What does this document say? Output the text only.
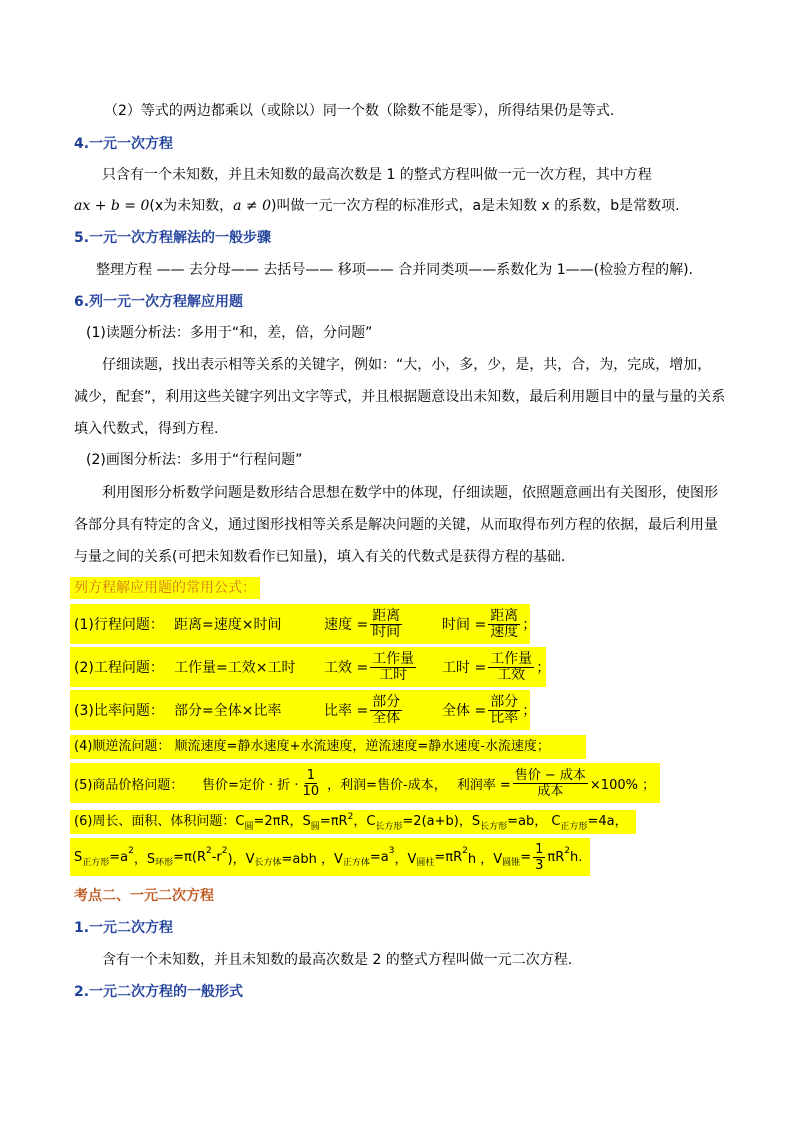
（2）等式的两边都乘以（或除以）同一个数（除数不能是零），所得结果仍是等式.
4.一元一次方程
只含有一个未知数，并且未知数的最高次数是 1 的整式方程叫做一元一次方程，其中方程
ax + b = 0(x为未知数，a ≠ 0)叫做一元一次方程的标准形式，a是未知数 x 的系数，b是常数项.
5.一元一次方程解法的一般步骤
整理方程 —— 去分母—— 去括号—— 移项—— 合并同类项——系数化为 1——(检验方程的解).
6.列一元一次方程解应用题
(1)读题分析法：多用于“和，差，倍，分问题”
仔细读题，找出表示相等关系的关键字，例如：“大，小，多，少，是，共，合，为，完成，增加，
减少，配套”，利用这些关键字列出文字等式，并且根据题意设出未知数，最后利用题目中的量与量的关系
填入代数式，得到方程.
(2)画图分析法：多用于“行程问题”
利用图形分析数学问题是数形结合思想在数学中的体现，仔细读题，依照题意画出有关图形，使图形
各部分具有特定的含义，通过图形找相等关系是解决问题的关键，从而取得布列方程的依据，最后利用量
与量之间的关系(可把未知数看作已知量)，填入有关的代数式是获得方程的基础.
列方程解应用题的常用公式：
(1)行程问题： 距离=速度×时间	速度 = $\frac{\text{距离}}{\text{时间}}$	时间 = $\frac{\text{距离}}{\text{速度}}$ ；
(2)工程问题： 工作量=工效×工时	工效 = $\frac{\text{工作量}}{\text{工时}}$ 工时 = $\frac{\text{工作量}}{\text{工效}}$ ；
(3)比率问题： 部分=全体×比率	比率 = $\frac{\text{部分}}{\text{全体}}$	全体 = $\frac{\text{部分}}{\text{比率}}$ ；
(4)顺逆流问题： 顺流速度=静水速度+水流速度，逆流速度=静水速度-水流速度；
(5)商品价格问题：	售价=定价 · 折 · $\frac{1}{10}$ ，利润=售价-成本， 利润率 = $\frac{\text{售价 − 成本}}{\text{成本}} \times 100\%$ ；
(6)周长、面积、体积问题：$C_圆=2\pi R$，$S_圆=\pi R^2$，$C_{长方形}=2(a+b)$，$S_{长方形}=ab$， $C_{正方形}=4a$，
S 正方形 =a 2
，S 环形 =π(R 2 -r 2
)，V 长方体 =abh ，V 正方体 =a 3
，V 圆柱 =πR 2
h ，V 圆锥 = $\frac{1}{3}$ πR 2 h.
考点二、一元二次方程
1.一元二次方程
含有一个未知数，并且未知数的最高次数是 2 的整式方程叫做一元二次方程.
2.一元二次方程的一般形式
